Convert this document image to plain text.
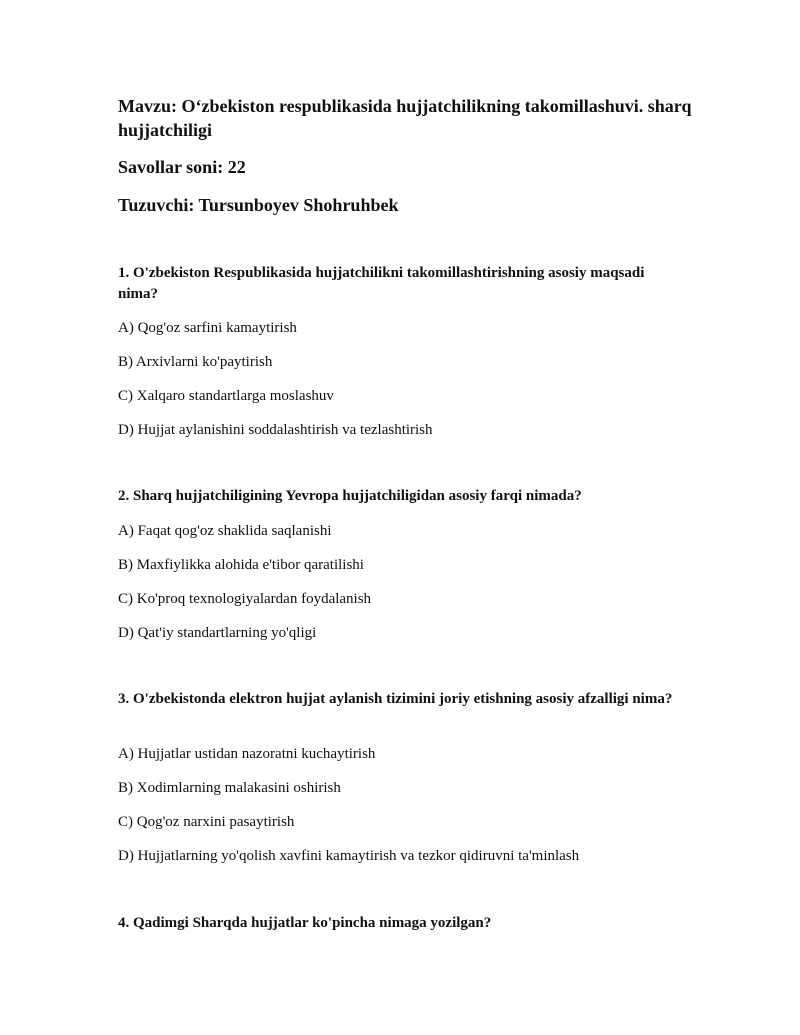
Mavzu: O‘zbekiston respublikasida hujjatchilikning takomillashuvi. sharq hujjatchiligi

Savollar soni: 22

Tuzuvchi: Tursunboyev Shohruhbek

1. O'zbekiston Respublikasida hujjatchilikni takomillashtirishning asosiy maqsadi nima?

A) Qog'oz sarfini kamaytirish

B) Arxivlarni ko'paytirish

C) Xalqaro standartlarga moslashuv

D) Hujjat aylanishini soddalashtirish va tezlashtirish

2. Sharq hujjatchiligining Yevropa hujjatchiligidan asosiy farqi nimada?

A) Faqat qog'oz shaklida saqlanishi

B) Maxfiylikka alohida e'tibor qaratilishi

C) Ko'proq texnologiyalardan foydalanish

D) Qat'iy standartlarning yo'qligi

3. O'zbekistonda elektron hujjat aylanish tizimini joriy etishning asosiy afzalligi nima?

A) Hujjatlar ustidan nazoratni kuchaytirish

B) Xodimlarning malakasini oshirish

C) Qog'oz narxini pasaytirish

D) Hujjatlarning yo'qolish xavfini kamaytirish va tezkor qidiruvni ta'minlash

4. Qadimgi Sharqda hujjatlar ko'pincha nimaga yozilgan?
